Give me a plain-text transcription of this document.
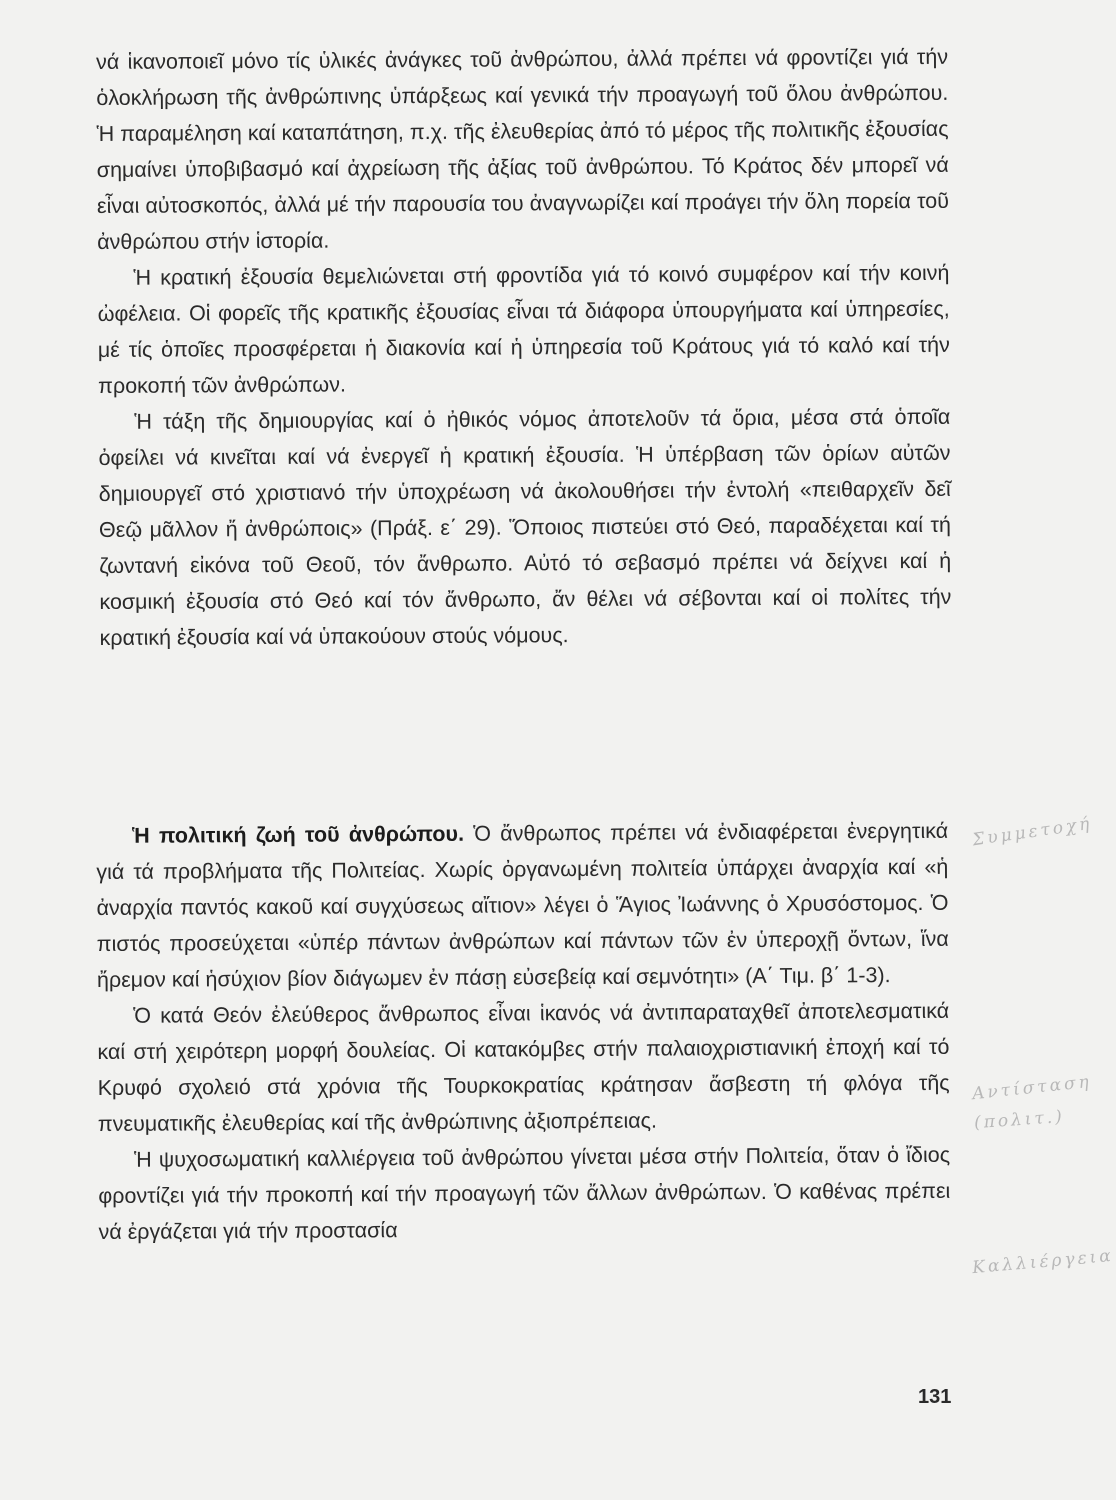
νά ἱκανοποιεῖ μόνο τίς ὑλικές ἀνάγκες τοῦ ἀνθρώπου, ἀλλά πρέπει νά φροντίζει γιά τήν ὁλοκλήρωση τῆς ἀνθρώπινης ὑπάρξεως καί γενικά τήν προαγωγή τοῦ ὅλου ἀνθρώπου. Ἡ παραμέληση καί καταπάτηση, π.χ. τῆς ἐλευθερίας ἀπό τό μέρος τῆς πολιτικῆς ἐξουσίας σημαίνει ὑποβιβασμό καί ἀχρείωση τῆς ἀξίας τοῦ ἀνθρώπου. Τό Κράτος δέν μπορεῖ νά εἶναι αὐτοσκοπός, ἀλλά μέ τήν παρουσία του ἀναγνωρίζει καί προάγει τήν ὅλη πορεία τοῦ ἀνθρώπου στήν ἱστορία.

Ἡ κρατική ἐξουσία θεμελιώνεται στή φροντίδα γιά τό κοινό συμφέρον καί τήν κοινή ὠφέλεια. Οἱ φορεῖς τῆς κρατικῆς ἐξουσίας εἶναι τά διάφορα ὑπουργήματα καί ὑπηρεσίες, μέ τίς ὁποῖες προσφέρεται ἡ διακονία καί ἡ ὑπηρεσία τοῦ Κράτους γιά τό καλό καί τήν προκοπή τῶν ἀνθρώπων.

Ἡ τάξη τῆς δημιουργίας καί ὁ ἠθικός νόμος ἀποτελοῦν τά ὅρια, μέσα στά ὁποῖα ὀφείλει νά κινεῖται καί νά ἐνεργεῖ ἡ κρατική ἐξουσία. Ἡ ὑπέρβαση τῶν ὁρίων αὐτῶν δημιουργεῖ στό χριστιανό τήν ὑποχρέωση νά ἀκολουθήσει τήν ἐντολή «πειθαρχεῖν δεῖ Θεῷ μᾶλλον ἤ ἀνθρώποις» (Πράξ. ε΄ 29). Ὅποιος πιστεύει στό Θεό, παραδέχεται καί τή ζωντανή εἰκόνα τοῦ Θεοῦ, τόν ἄνθρωπο. Αὐτό τό σεβασμό πρέπει νά δείχνει καί ἡ κοσμική ἐξουσία στό Θεό καί τόν ἄνθρωπο, ἄν θέλει νά σέβονται καί οἱ πολίτες τήν κρατική ἐξουσία καί νά ὑπακούουν στούς νόμους.

Ἡ πολιτική ζωή τοῦ ἀνθρώπου. Ὁ ἄνθρωπος πρέπει νά ἐνδιαφέρεται ἐνεργητικά γιά τά προβλήματα τῆς Πολιτείας. Χωρίς ὀργανωμένη πολιτεία ὑπάρχει ἀναρχία καί «ἡ ἀναρχία παντός κακοῦ καί συγχύσεως αἴτιον» λέγει ὁ Ἅγιος Ἰωάννης ὁ Χρυσόστομος. Ὁ πιστός προσεύχεται «ὑπέρ πάντων ἀνθρώπων καί πάντων τῶν ἐν ὑπεροχῇ ὄντων, ἵνα ἤρεμον καί ἡσύχιον βίον διάγωμεν ἐν πάσῃ εὐσεβείᾳ καί σεμνότητι» (Α΄ Τιμ. β΄ 1-3).

Ὁ κατά Θεόν ἐλεύθερος ἄνθρωπος εἶναι ἱκανός νά ἀντιπαραταχθεῖ ἀποτελεσματικά καί στή χειρότερη μορφή δουλείας. Οἱ κατακόμβες στήν παλαιοχριστιανική ἐποχή καί τό Κρυφό σχολειό στά χρόνια τῆς Τουρκοκρατίας κράτησαν ἄσβεστη τή φλόγα τῆς πνευματικῆς ἐλευθερίας καί τῆς ἀνθρώπινης ἀξιοπρέπειας.

Ἡ ψυχοσωματική καλλιέργεια τοῦ ἀνθρώπου γίνεται μέσα στήν Πολιτεία, ὅταν ὁ ἴδιος φροντίζει γιά τήν προκοπή καί τήν προαγωγή τῶν ἄλλων ἀνθρώπων. Ὁ καθένας πρέπει νά ἐργάζεται γιά τήν προστασία

Συμμετοχή
Αντίσταση
(πολιτ.)
Καλλιέργεια
131
